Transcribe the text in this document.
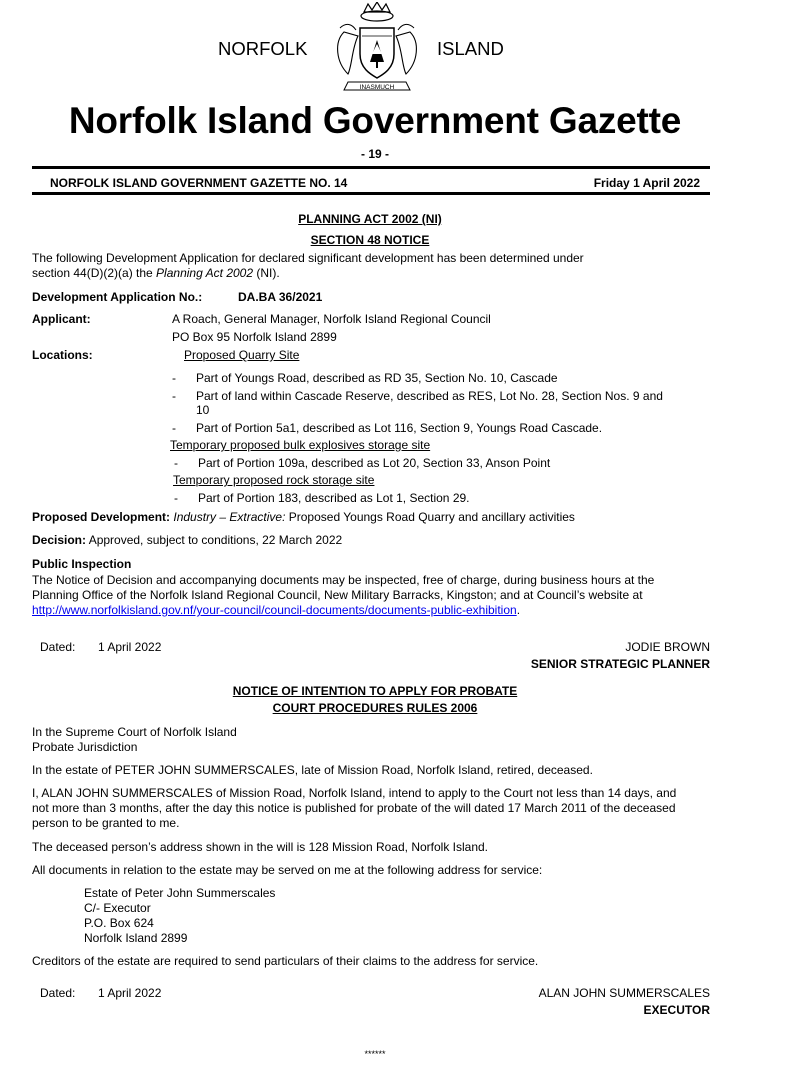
NORFOLK	ISLAND
INASMUCH
Norfolk Island Government Gazette
- 19 -
NORFOLK ISLAND GOVERNMENT GAZETTE NO. 14	Friday 1 April 2022
PLANNING ACT 2002 (NI)
SECTION 48 NOTICE
The following Development Application for declared significant development has been determined under
section 44(D)(2)(a) the Planning Act 2002 (NI).
Development Application No.:	DA.BA 36/2021
Applicant:	A Roach, General Manager, Norfolk Island Regional Council
PO Box 95 Norfolk Island 2899
Locations:	Proposed Quarry Site
-	Part of Youngs Road, described as RD 35, Section No. 10, Cascade
-	Part of land within Cascade Reserve, described as RES, Lot No. 28, Section Nos. 9 and
10
-	Part of Portion 5a1, described as Lot 116, Section 9, Youngs Road Cascade.
Temporary proposed bulk explosives storage site
-	Part of Portion 109a, described as Lot 20, Section 33, Anson Point
Temporary proposed rock storage site
-	Part of Portion 183, described as Lot 1, Section 29.
Proposed Development: Industry – Extractive: Proposed Youngs Road Quarry and ancillary activities
Decision: Approved, subject to conditions, 22 March 2022
Public Inspection
The Notice of Decision and accompanying documents may be inspected, free of charge, during business hours at the
Planning Office of the Norfolk Island Regional Council, New Military Barracks, Kingston; and at Council’s website at
http://www.norfolkisland.gov.nf/your-council/council-documents/documents-public-exhibition.
Dated: 1 April 2022	JODIE BROWN
SENIOR STRATEGIC PLANNER
NOTICE OF INTENTION TO APPLY FOR PROBATE
COURT PROCEDURES RULES 2006
In the Supreme Court of Norfolk Island
Probate Jurisdiction
In the estate of PETER JOHN SUMMERSCALES, late of Mission Road, Norfolk Island, retired, deceased.
I, ALAN JOHN SUMMERSCALES of Mission Road, Norfolk Island, intend to apply to the Court not less than 14 days, and
not more than 3 months, after the day this notice is published for probate of the will dated 17 March 2011 of the deceased
person to be granted to me.
The deceased person’s address shown in the will is 128 Mission Road, Norfolk Island.
All documents in relation to the estate may be served on me at the following address for service:
Estate of Peter John Summerscales
C/- Executor
P.O. Box 624
Norfolk Island 2899
Creditors of the estate are required to send particulars of their claims to the address for service.
Dated: 1 April 2022	ALAN JOHN SUMMERSCALES
EXECUTOR
******
